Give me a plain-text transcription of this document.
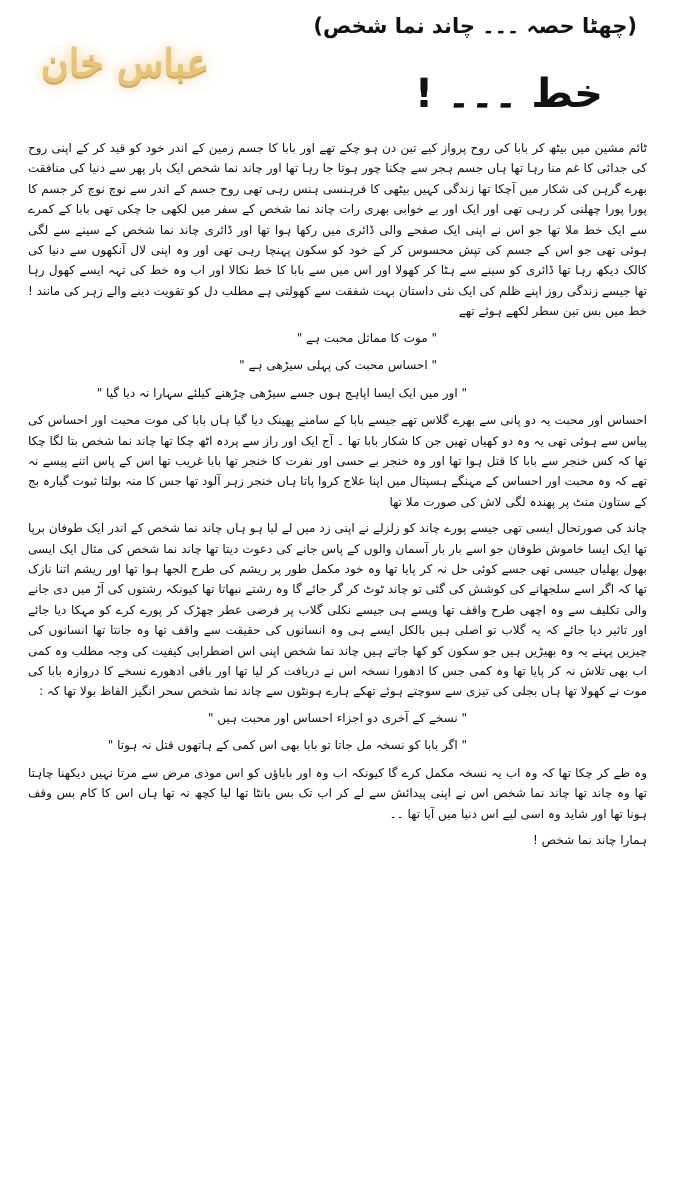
عباس خان
(چھٹا حصہ ۔۔۔ چاند نما شخص)
خط ۔۔۔ !

ٹائم مشین میں بیٹھ کر بابا کی روح پرواز کیے تین دن ہو چکے تھے اور بابا کا جسم زمین کے اندر خود کو قید کر کے اپنی روح کی جدائی کا غم منا رہا تھا ہاں جسم ہجر سے چکنا چور ہوتا جا رہا تھا اور چاند نما شخص ایک بار پھر سے دنیا کی منافقت بھرے گرہن کی شکار میں آچکا تھا زندگی کہیں بیٹھی کا فرہنسی ہنس رہی تھی روح جسم کے اندر سے نوچ نوچ کر جسم کا پورا پورا چھلنی کر رہی تھی اور ایک اور بے خوابی بھری رات چاند نما شخص کے سفر میں لکھی جا چکی تھی بابا کے کمرے سے ایک خط ملا تھا جو اس نے اپنی ایک صفحے والی ڈائری میں رکھا ہوا تھا اور ڈائری چاند نما شخص کے سینے سے لگی ہوئی تھی جو اس کے جسم کی تپش محسوس کر کے خود کو سکون پہنچا رہی تھی اور وہ اپنی لال آنکھوں سے دنیا کی کالک دیکھ رہا تھا ڈائری کو سینے سے ہٹا کر کھولا اور اس میں سے بابا کا خط نکالا اور اب وہ خط کی تہہ ایسے کھول رہا تھا جیسے زندگی روز اپنے ظلم کی ایک نئی داستان بہت شفقت سے کھولتی ہے مطلب دل کو تقویت دینے والے زہر کی مانند ! خط میں بس تین سطر لکھے ہوئے تھے

" موت کا مماثل محبت ہے "

" احساس محبت کی پہلی سیڑھی ہے "

" اور میں ایک ایسا اپاہج ہوں جسے سیڑھی چڑھنے کیلئے سہارا نہ دیا گیا "

احساس اور محبت یہ دو پانی سے بھرے گلاس تھے جیسے بابا کے سامنے پھینک دیا گیا ہاں بابا کی موت محبت اور احساس کی پیاس سے ہوئی تھی یہ وہ دو کھیاں تھیں جن کا شکار بابا تھا ۔ آج ایک اور راز سے پردہ اٹھ چکا تھا چاند نما شخص بتا لگا چکا تھا کہ کس خنجر سے بابا کا قتل ہوا تھا اور وہ خنجر بے حسی اور نفرت کا خنجر تھا بابا غریب تھا اس کے پاس اتنے پیسے نہ تھے کہ وہ محبت اور احساس کے مہنگے ہسپتال میں اپنا علاج کروا پاتا ہاں خنجر زہر آلود تھا جس کا منہ بولتا ثبوت گیارہ بج کے ستاون منٹ پر پھندہ لگی لاش کی صورت ملا تھا

چاند کی صورتحال ایسی تھی جیسے پورے چاند کو زلزلے نے اپنی زد میں لے لیا ہو ہاں چاند نما شخص کے اندر ایک طوفان برپا تھا ایک ایسا خاموش طوفان جو اسے بار بار آسمان والوں کے پاس جانے کی دعوت دیتا تھا چاند نما شخص کی مثال ایک ایسی بھول بھلیاں جیسی تھی جسے کوئی حل نہ کر پایا تھا وہ خود مکمل طور پر ریشم کی طرح الجھا ہوا تھا اور ریشم اتنا نازک تھا کہ اگر اسے سلجھانے کی کوشش کی گئی تو چاند ٹوٹ کر گر جائے گا وہ رشتے نبھاتا تھا کیونکہ رشتوں کی آڑ میں دی جانے والی تکلیف سے وہ اچھی طرح واقف تھا ویسے ہی جیسے نکلی گلاب پر فرضی عطر چھڑک کر پورے کرے کو مہکا دیا جائے اور تاثیر دیا جائے کہ یہ گلاب تو اصلی ہیں بالکل ایسے ہی وہ انسانوں کی حقیقت سے واقف تھا وہ جانتا تھا انسانوں کی چیزیں پہنے یہ وہ بھیڑیں ہیں جو سکون کو کھا جاتے ہیں چاند نما شخص اپنی اس اضطرابی کیفیت کی وجہ مطلب وہ کمی اب بھی تلاش نہ کر پایا تھا وہ کمی جس کا ادھورا نسخہ اس نے دریافت کر لیا تھا اور باقی ادھورے نسخے کا دروازہ بابا کی موت نے کھولا تھا ہاں بجلی کی تیزی سے سوچتے ہوئے تھکے ہارے ہونٹوں سے چاند نما شخص سحر انگیز الفاظ بولا تھا کہ :

" نسخے کے آخری دو اجزاء احساس اور محبت ہیں "

" اگر بابا کو نسخہ مل جاتا تو بابا بھی اس کمی کے ہاتھوں قتل نہ ہوتا "

وہ طے کر چکا تھا کہ وہ اب یہ نسخہ مکمل کرے گا کیونکہ اب وہ اور باباؤں کو اس موذی مرض سے مرتا نہیں دیکھنا چاہتا تھا وہ چاند تھا چاند نما شخص اس نے اپنی پیدائش سے لے کر اب تک بس بانٹا تھا لیا کچھ نہ تھا ہاں اس کا کام بس وقف ہونا تھا اور شاید وہ اسی لیے اس دنیا میں آیا تھا ۔۔

ہمارا چاند نما شخص !
